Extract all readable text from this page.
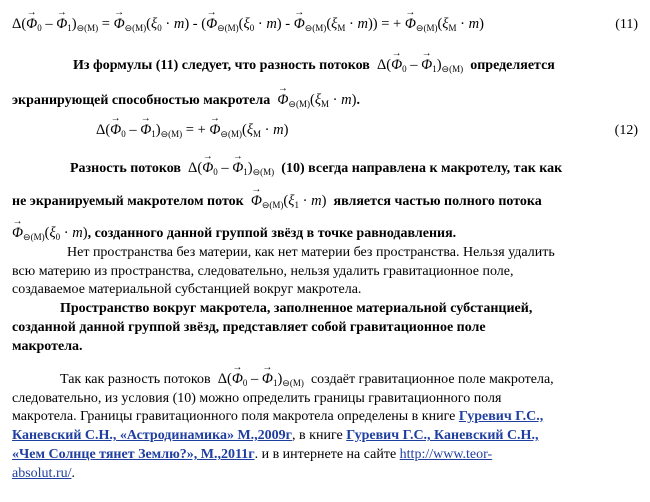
$\Delta(\to \Phi_0$ – → $\Phi_1)_{⊖(M)}$ = → $\Phi_{⊖(M)}(\xi_0 \cdot m)$ - (→ $\Phi_{⊖(M)}(\xi_0 \cdot m)$ - → $\Phi_{⊖(M)}(\xi_M \cdot m)$) = + → $\Phi_{⊖(M)}(\xi_M \cdot m)$	(11)
Из формулы (11) следует, что разность потоков  $\Delta(\to \Phi_0$ – → $\Phi_1)_{⊖(M)}$ определяется
экранирующей способностью макротела → $\Phi_{⊖(M)}(\xi_M \cdot m)$.
$\Delta(\to \Phi_0$ – → $\Phi_1)_{⊖(M)}$ = + → $\Phi_{⊖(M)}(\xi_M \cdot m)$	(12)
Разность потоков  $\Delta(\to \Phi_0$ – → $\Phi_1)_{⊖(M)}$ (10) всегда направлена к макротелу, так как
не экранируемый макротелом поток → $\Phi_{⊖(M)}(\xi_1 \cdot m)$  является частью полного потока
→ $\Phi_{⊖(M)}(\xi_0 \cdot m)$, созданного данной группой звёзд в точке равнодавления.
Нет пространства без материи, как нет материи без пространства. Нельзя удалить
всю материю из пространства, следовательно, нельзя удалить гравитационное поле,
создаваемое материальной субстанцией вокруг макротела.
Пространство вокруг макротела, заполненное материальной субстанцией,
созданной данной группой звёзд, представляет собой гравитационное поле
макротела.
Так как разность потоков  $\Delta(\to \Phi_0$ – → $\Phi_1)_{⊖(M)}$ создаёт гравитационное поле макротела,
следовательно, из условия (10) можно определить границы гравитационного поля
макротела. Границы гравитационного поля макротела определены в книге Гуревич Г.С.,
Каневский С.Н., «Астродинамика» М.,2009г, в книге Гуревич Г.С., Каневский С.Н.,
«Чем Солнце тянет Землю?», М.,2011г. и в интернете на сайте http://www.teor-
absolut.ru/.
